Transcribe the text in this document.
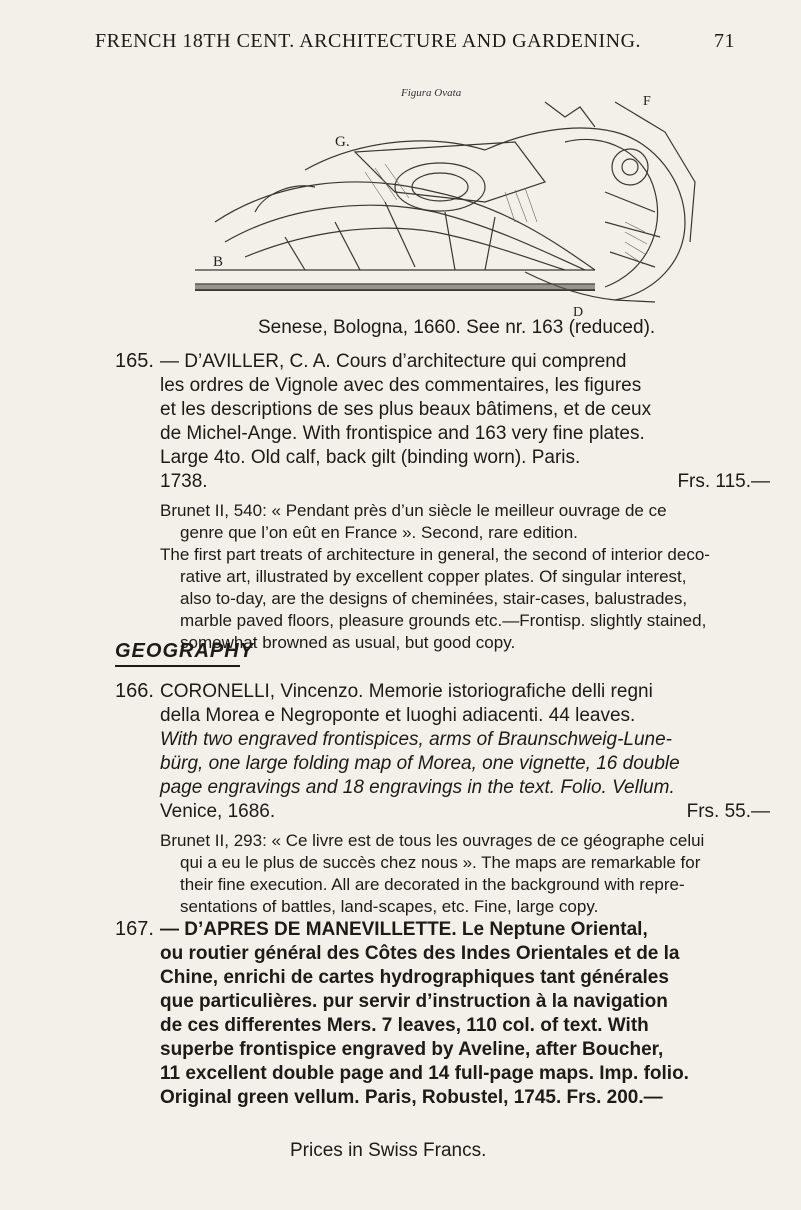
FRENCH 18TH CENT. ARCHITECTURE AND GARDENING.	71
Figura Ovata
G.
F
B
D
Senese, Bologna, 1660. See nr. 163 (reduced).
165. — D’AVILLER, C. A. Cours d’architecture qui comprend

les ordres de Vignole avec des commentaires, les figures

et les descriptions de ses plus beaux bâtimens, et de ceux

de Michel-Ange. With frontispice and 163 very fine plates.

Large 4to. Old calf, back gilt (binding worn). Paris.

1738.	Frs. 115.—

Brunet II, 540: « Pendant près d’un siècle le meilleur ouvrage de ce

genre que l’on eût en France ». Second, rare edition.

The first part treats of architecture in general, the second of interior deco-

rative art, illustrated by excellent copper plates. Of singular interest,

also to-day, are the designs of cheminées, stair-cases, balustrades,

marble paved floors, pleasure grounds etc.—Frontisp. slightly stained,

somewhat browned as usual, but good copy.

GEOGRAPHY
166. CORONELLI, Vincenzo. Memorie istoriografiche delli regni

della Morea e Negroponte et luoghi adiacenti. 44 leaves.

With two engraved frontispices, arms of Braunschweig-Lune-

bürg, one large folding map of Morea, one vignette, 16 double

page engravings and 18 engravings in the text. Folio. Vellum.

Venice, 1686.	Frs. 55.—

Brunet II, 293: « Ce livre est de tous les ouvrages de ce géographe celui

qui a eu le plus de succès chez nous ». The maps are remarkable for

their fine execution. All are decorated in the background with repre-

sentations of battles, land-scapes, etc. Fine, large copy.

167. — D’APRES DE MANEVILLETTE. Le Neptune Oriental,

ou routier général des Côtes des Indes Orientales et de la

Chine, enrichi de cartes hydrographiques tant générales

que particulières. pur servir d’instruction à la navigation

de ces differentes Mers. 7 leaves, 110 col. of text. With

superbe frontispice engraved by Aveline, after Boucher,

11 excellent double page and 14 full-page maps. Imp. folio.

Original green vellum. Paris, Robustel, 1745. Frs. 200.—

Prices in Swiss Francs.
